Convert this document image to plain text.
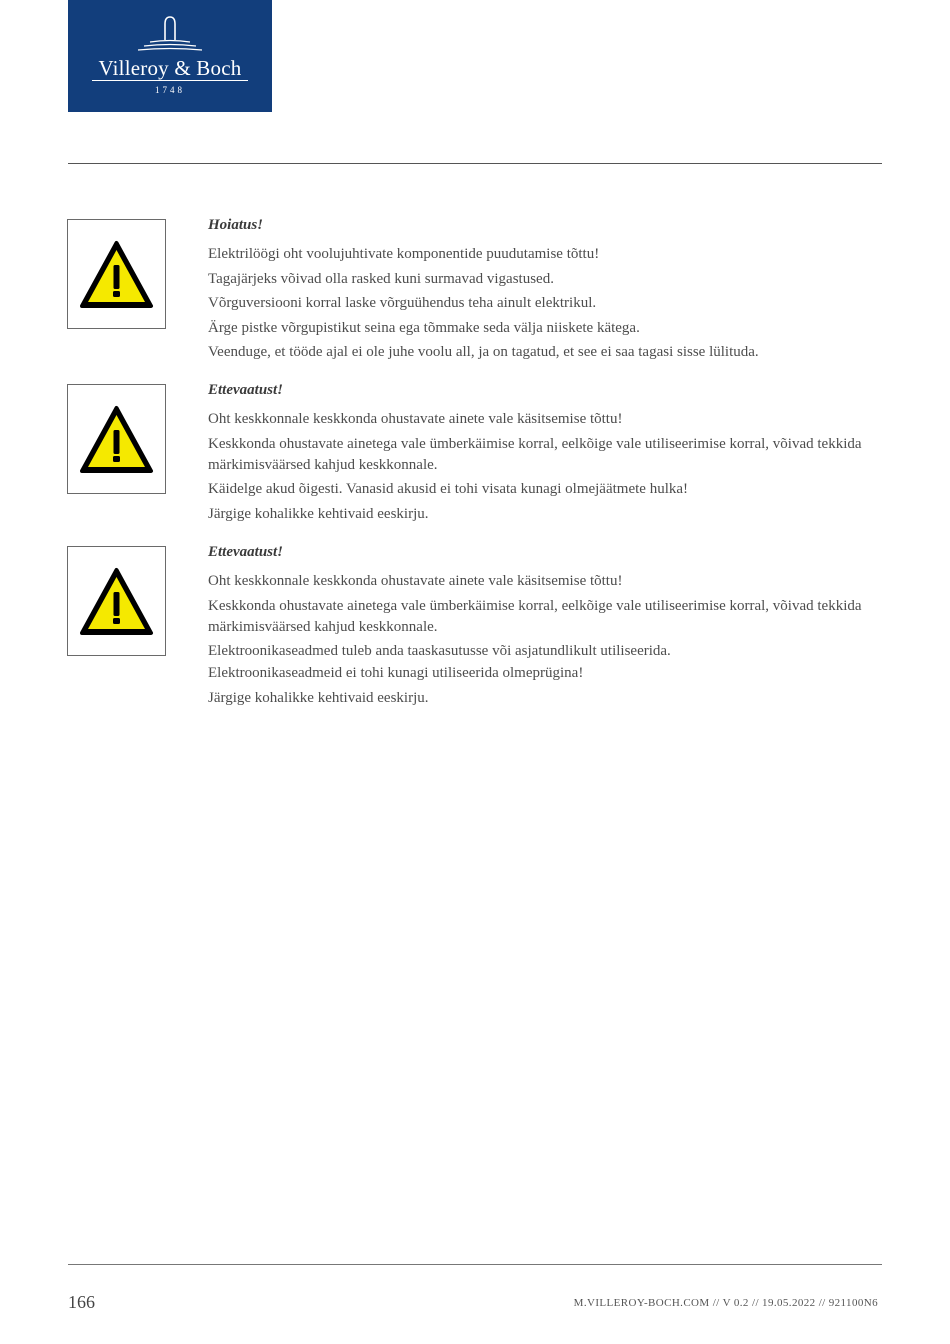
Villeroy & Boch
1748
Hoiatus!

Elektrilöögi oht voolujuhtivate komponentide puudutamise tõttu!

Tagajärjeks võivad olla rasked kuni surmavad vigastused.

Võrguversiooni korral laske võrguühendus teha ainult elektrikul.

Ärge pistke võrgupistikut seina ega tõmmake seda välja niiskete kätega.

Veenduge, et tööde ajal ei ole juhe voolu all, ja on tagatud, et see ei saa tagasi sisse lülituda.

Ettevaatust!

Oht keskkonnale keskkonda ohustavate ainete vale käsitsemise tõttu!

Keskkonda ohustavate ainetega vale ümberkäimise korral, eelkõige vale utiliseerimise korral, võivad tekkida märkimisväärsed kahjud keskkonnale.

Käidelge akud õigesti. Vanasid akusid ei tohi visata kunagi olmejäätmete hulka!

Järgige kohalikke kehtivaid eeskirju.

Ettevaatust!

Oht keskkonnale keskkonda ohustavate ainete vale käsitsemise tõttu!

Keskkonda ohustavate ainetega vale ümberkäimise korral, eelkõige vale utiliseerimise korral, võivad tekkida märkimisväärsed kahjud keskkonnale.

Elektroonikaseadmed tuleb anda taaskasutusse või asjatundlikult utiliseerida.

Elektroonikaseadmeid ei tohi kunagi utiliseerida olmeprügina!

Järgige kohalikke kehtivaid eeskirju.

166	M.VILLEROY-BOCH.COM // V 0.2 // 19.05.2022 // 921100N6
